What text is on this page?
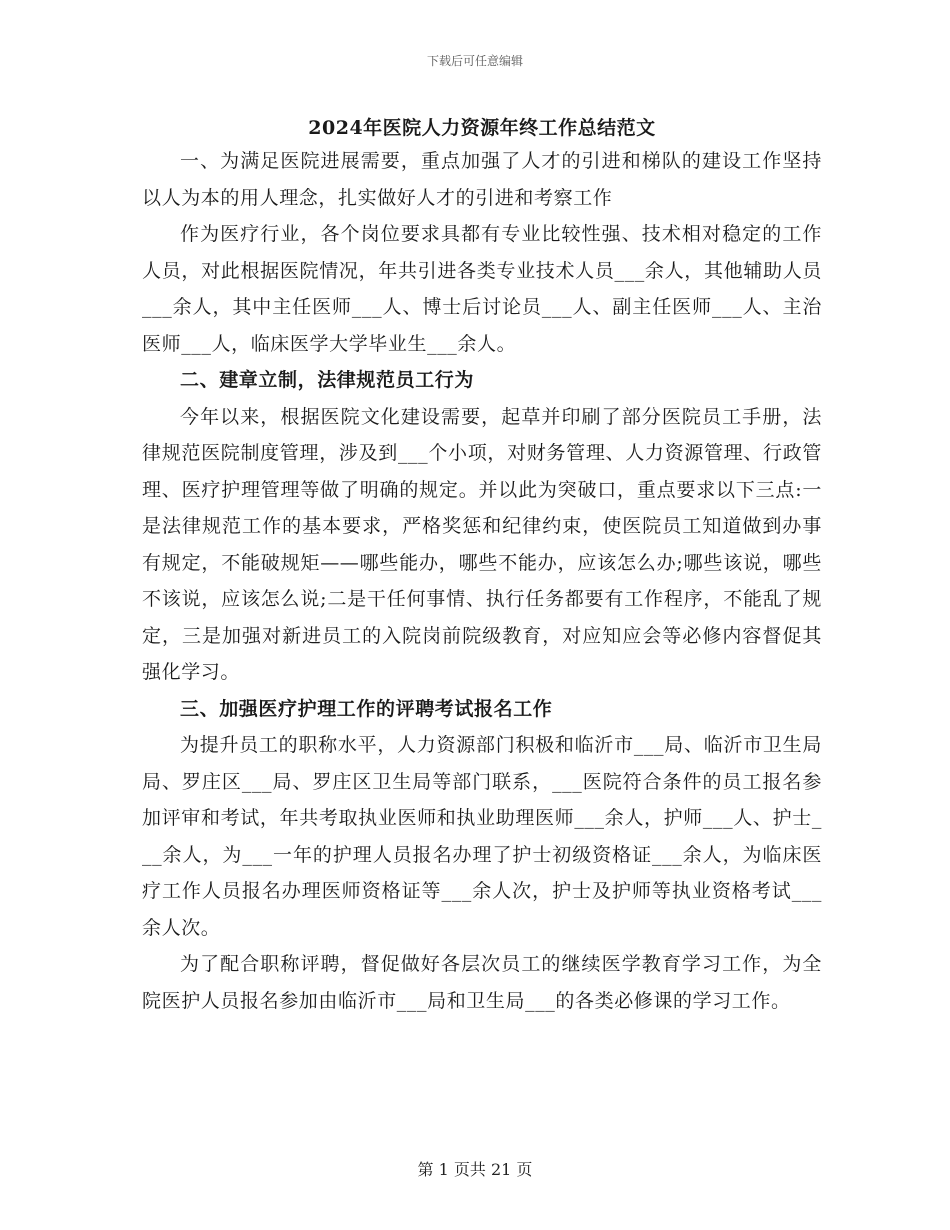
下载后可任意编辑
2024年医院人力资源年终工作总结范文

一、为满足医院进展需要，重点加强了人才的引进和梯队的建设工作坚持以人为本的用人理念，扎实做好人才的引进和考察工作

作为医疗行业，各个岗位要求具都有专业比较性强、技术相对稳定的工作人员，对此根据医院情况，年共引进各类专业技术人员___余人，其他辅助人员___余人，其中主任医师___人、博士后讨论员___人、副主任医师___人、主治医师___人，临床医学大学毕业生___余人。

二、建章立制，法律规范员工行为

今年以来，根据医院文化建设需要，起草并印刷了部分医院员工手册，法律规范医院制度管理，涉及到___个小项，对财务管理、人力资源管理、行政管理、医疗护理管理等做了明确的规定。并以此为突破口，重点要求以下三点:一是法律规范工作的基本要求，严格奖惩和纪律约束，使医院员工知道做到办事有规定，不能破规矩——哪些能办，哪些不能办，应该怎么办;哪些该说，哪些不该说，应该怎么说;二是干任何事情、执行任务都要有工作程序，不能乱了规定，三是加强对新进员工的入院岗前院级教育，对应知应会等必修内容督促其强化学习。

三、加强医疗护理工作的评聘考试报名工作

为提升员工的职称水平，人力资源部门积极和临沂市___局、临沂市卫生局局、罗庄区___局、罗庄区卫生局等部门联系，___医院符合条件的员工报名参加评审和考试，年共考取执业医师和执业助理医师___余人，护师___人、护士___余人，为___一年的护理人员报名办理了护士初级资格证___余人，为临床医疗工作人员报名办理医师资格证等___余人次，护士及护师等执业资格考试___余人次。

为了配合职称评聘，督促做好各层次员工的继续医学教育学习工作，为全院医护人员报名参加由临沂市___局和卫生局___的各类必修课的学习工作。

第 1 页共 21 页
